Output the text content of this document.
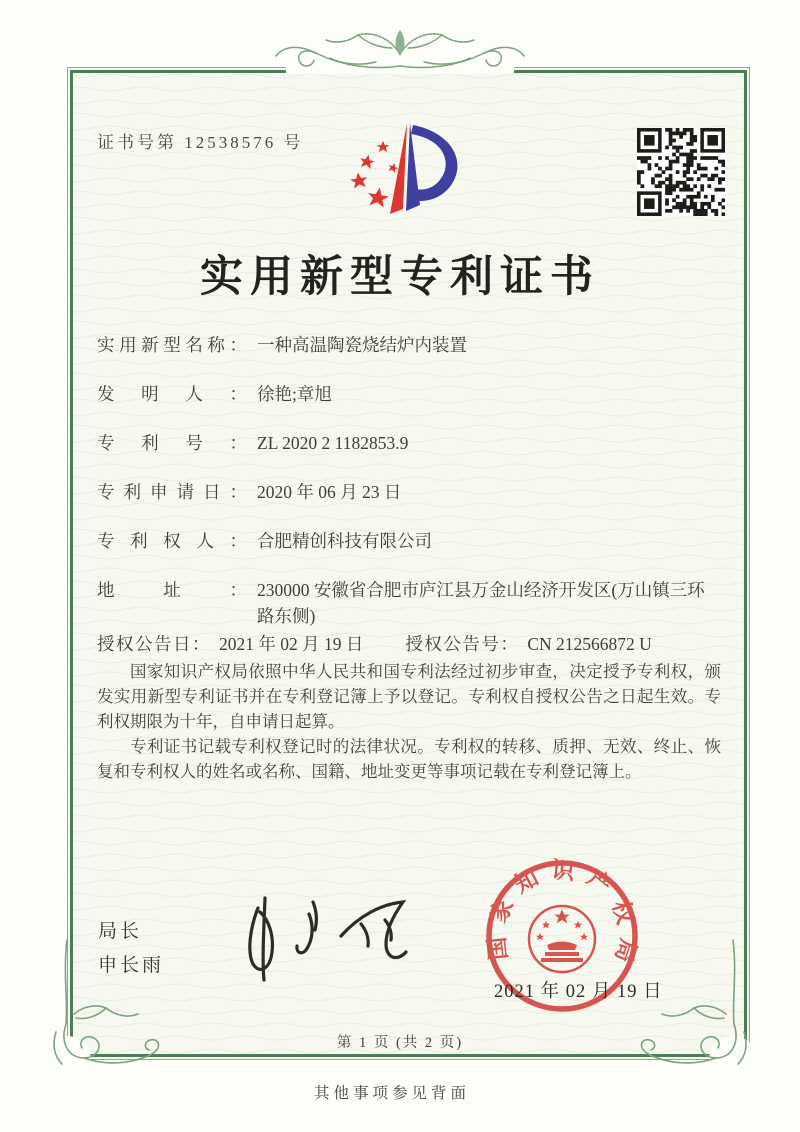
证书号第 12538576 号
实用新型专利证书
实用新型名称： 一种高温陶瓷烧结炉内装置
发明人： 徐艳;章旭
专利号： ZL 2020 2 1182853.9
专利申请日： 2020 年 06 月 23 日
专利权人： 合肥精创科技有限公司
地址： 230000 安徽省合肥市庐江县万金山经济开发区(万山镇三环路东侧)
授权公告日： 2021 年 02 月 19 日 授权公告号： CN 212566872 U

国家知识产权局依照中华人民共和国专利法经过初步审查，决定授予专利权，颁发实用新型专利证书并在专利登记簿上予以登记。专利权自授权公告之日起生效。专利权期限为十年，自申请日起算。

专利证书记载专利权登记时的法律状况。专利权的转移、质押、无效、终止、恢复和专利权人的姓名或名称、国籍、地址变更等事项记载在专利登记簿上。

局长
申长雨
国家知识产权局
2021 年 02 月 19 日
第 1 页 (共 2 页)
其他事项参见背面
